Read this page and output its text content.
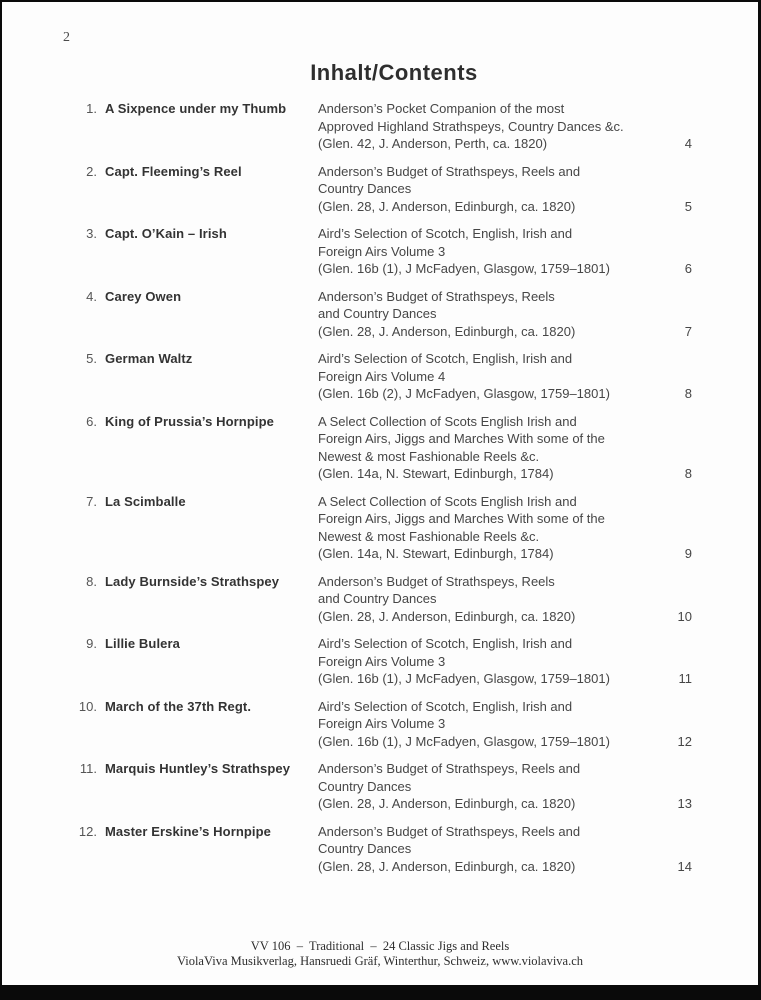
2
Inhalt/Contents
1. A Sixpence under my Thumb	Anderson’s Pocket Companion of the most
Approved Highland Strathspeys, Country Dances &c.
(Glen. 42, J. Anderson, Perth, ca. 1820)	4
2. Capt. Fleeming’s Reel	Anderson’s Budget of Strathspeys, Reels and
Country Dances
(Glen. 28, J. Anderson, Edinburgh, ca. 1820)	5
3. Capt. O’Kain – Irish	Aird’s Selection of Scotch, English, Irish and
Foreign Airs Volume 3
(Glen. 16b (1), J McFadyen, Glasgow, 1759–1801)	6
4. Carey Owen	Anderson’s Budget of Strathspeys, Reels
and Country Dances
(Glen. 28, J. Anderson, Edinburgh, ca. 1820)	7
5. German Waltz	Aird’s Selection of Scotch, English, Irish and
Foreign Airs Volume 4
(Glen. 16b (2), J McFadyen, Glasgow, 1759–1801)	8
6. King of Prussia’s Hornpipe	A Select Collection of Scots English Irish and
Foreign Airs, Jiggs and Marches With some of the
Newest & most Fashionable Reels &c.
(Glen. 14a, N. Stewart, Edinburgh, 1784)	8
7. La Scimballe	A Select Collection of Scots English Irish and
Foreign Airs, Jiggs and Marches With some of the
Newest & most Fashionable Reels &c.
(Glen. 14a, N. Stewart, Edinburgh, 1784)	9
8. Lady Burnside’s Strathspey	Anderson’s Budget of Strathspeys, Reels
and Country Dances
(Glen. 28, J. Anderson, Edinburgh, ca. 1820)	10
9. Lillie Bulera	Aird’s Selection of Scotch, English, Irish and
Foreign Airs Volume 3
(Glen. 16b (1), J McFadyen, Glasgow, 1759–1801)	11
10. March of the 37th Regt.	Aird’s Selection of Scotch, English, Irish and
Foreign Airs Volume 3
(Glen. 16b (1), J McFadyen, Glasgow, 1759–1801)	12
11. Marquis Huntley’s Strathspey	Anderson’s Budget of Strathspeys, Reels and
Country Dances
(Glen. 28, J. Anderson, Edinburgh, ca. 1820)	13
12. Master Erskine’s Hornpipe	Anderson’s Budget of Strathspeys, Reels and
Country Dances
(Glen. 28, J. Anderson, Edinburgh, ca. 1820)	14
VV 106  –  Traditional  –  24 Classic Jigs and Reels
ViolaViva Musikverlag, Hansruedi Gräf, Winterthur, Schweiz, www.violaviva.ch
